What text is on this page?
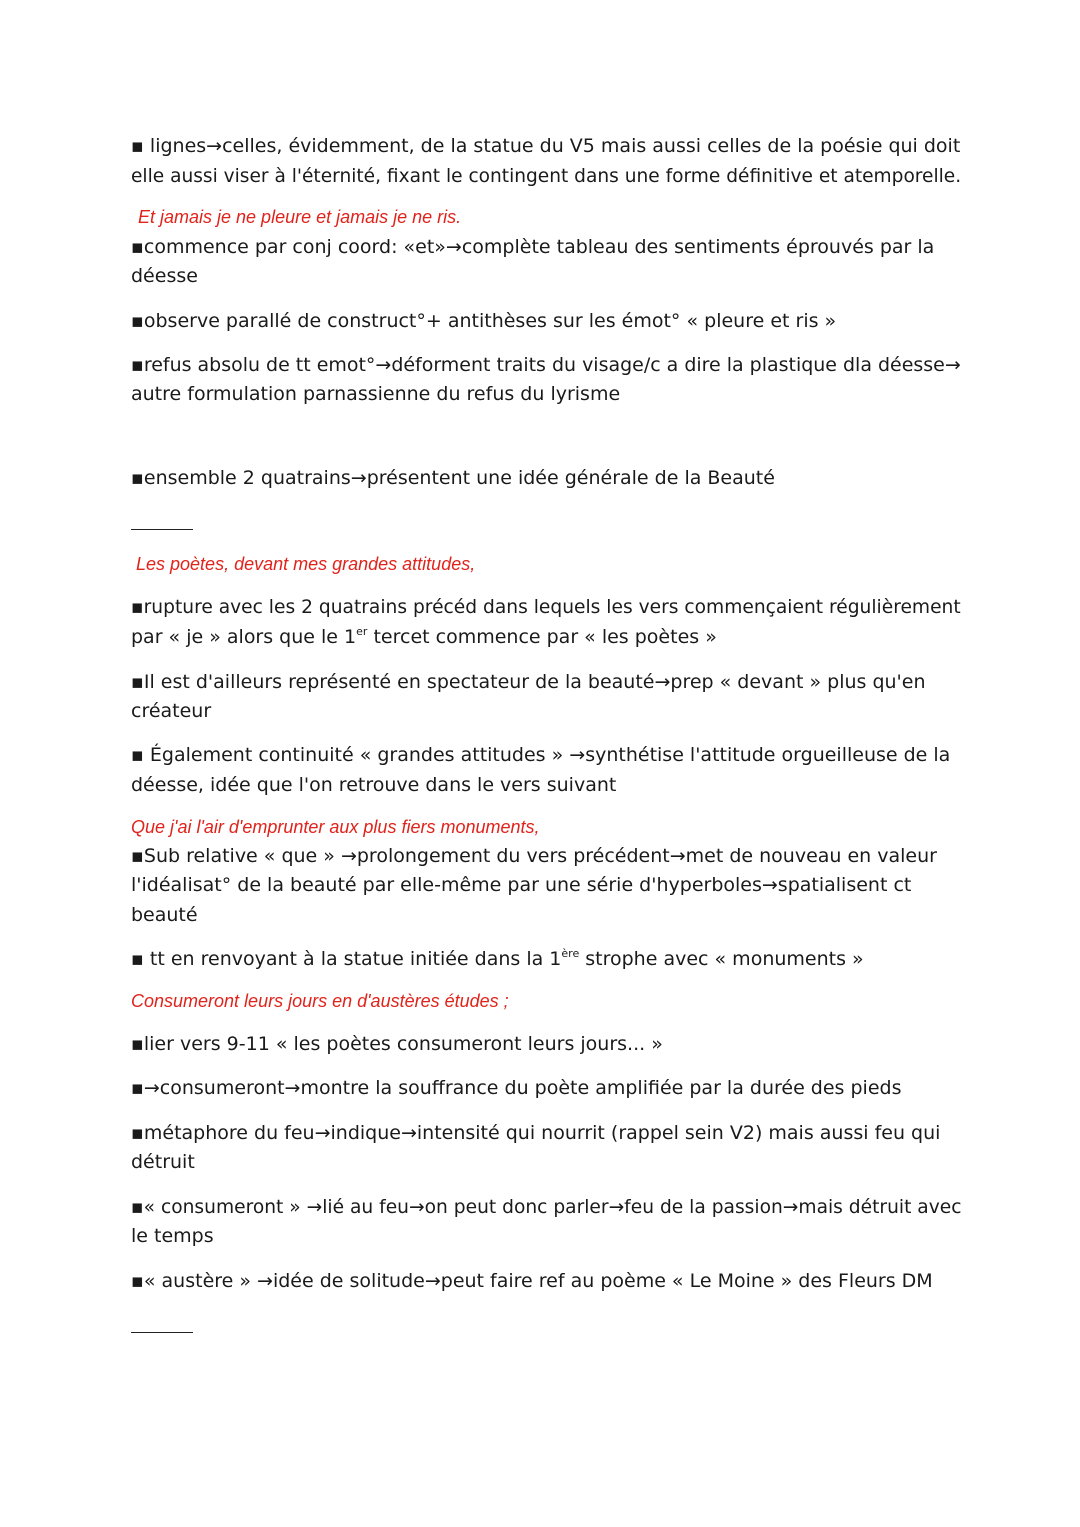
▪ lignes→celles, évidemment, de la statue du V5 mais aussi celles de la poésie qui doit
elle aussi viser à l'éternité, fixant le contingent dans une forme définitive et atemporelle.
Et jamais je ne pleure et jamais je ne ris.
▪commence par conj coord: «et»→complète tableau des sentiments éprouvés par la
déesse
▪observe parallé de construct°+ antithèses sur les émot° « pleure et ris »
▪refus absolu de tt emot°→déforment traits du visage/c a dire la plastique dla déesse→
autre formulation parnassienne du refus du lyrisme
▪ensemble 2 quatrains→présentent une idée générale de la Beauté
Les poètes, devant mes grandes attitudes,
▪rupture avec les 2 quatrains précéd dans lequels les vers commençaient régulièrement
par « je » alors que le 1er tercet commence par « les poètes »
▪Il est d'ailleurs représenté en spectateur de la beauté→prep « devant » plus qu'en
créateur
▪ Également continuité « grandes attitudes » →synthétise l'attitude orgueilleuse de la
déesse, idée que l'on retrouve dans le vers suivant
Que j'ai l'air d'emprunter aux plus fiers monuments,
▪Sub relative « que » →prolongement du vers précédent→met de nouveau en valeur
l'idéalisat° de la beauté par elle-même par une série d'hyperboles→spatialisent ct
beauté
▪ tt en renvoyant à la statue initiée dans la 1ère strophe avec « monuments »
Consumeront leurs jours en d'austères études ;
▪lier vers 9-11 « les poètes consumeront leurs jours... »
▪→consumeront→montre la souffrance du poète amplifiée par la durée des pieds
▪métaphore du feu→indique→intensité qui nourrit (rappel sein V2) mais aussi feu qui
détruit
▪« consumeront » →lié au feu→on peut donc parler→feu de la passion→mais détruit avec
le temps
▪« austère » →idée de solitude→peut faire ref au poème « Le Moine » des Fleurs DM
